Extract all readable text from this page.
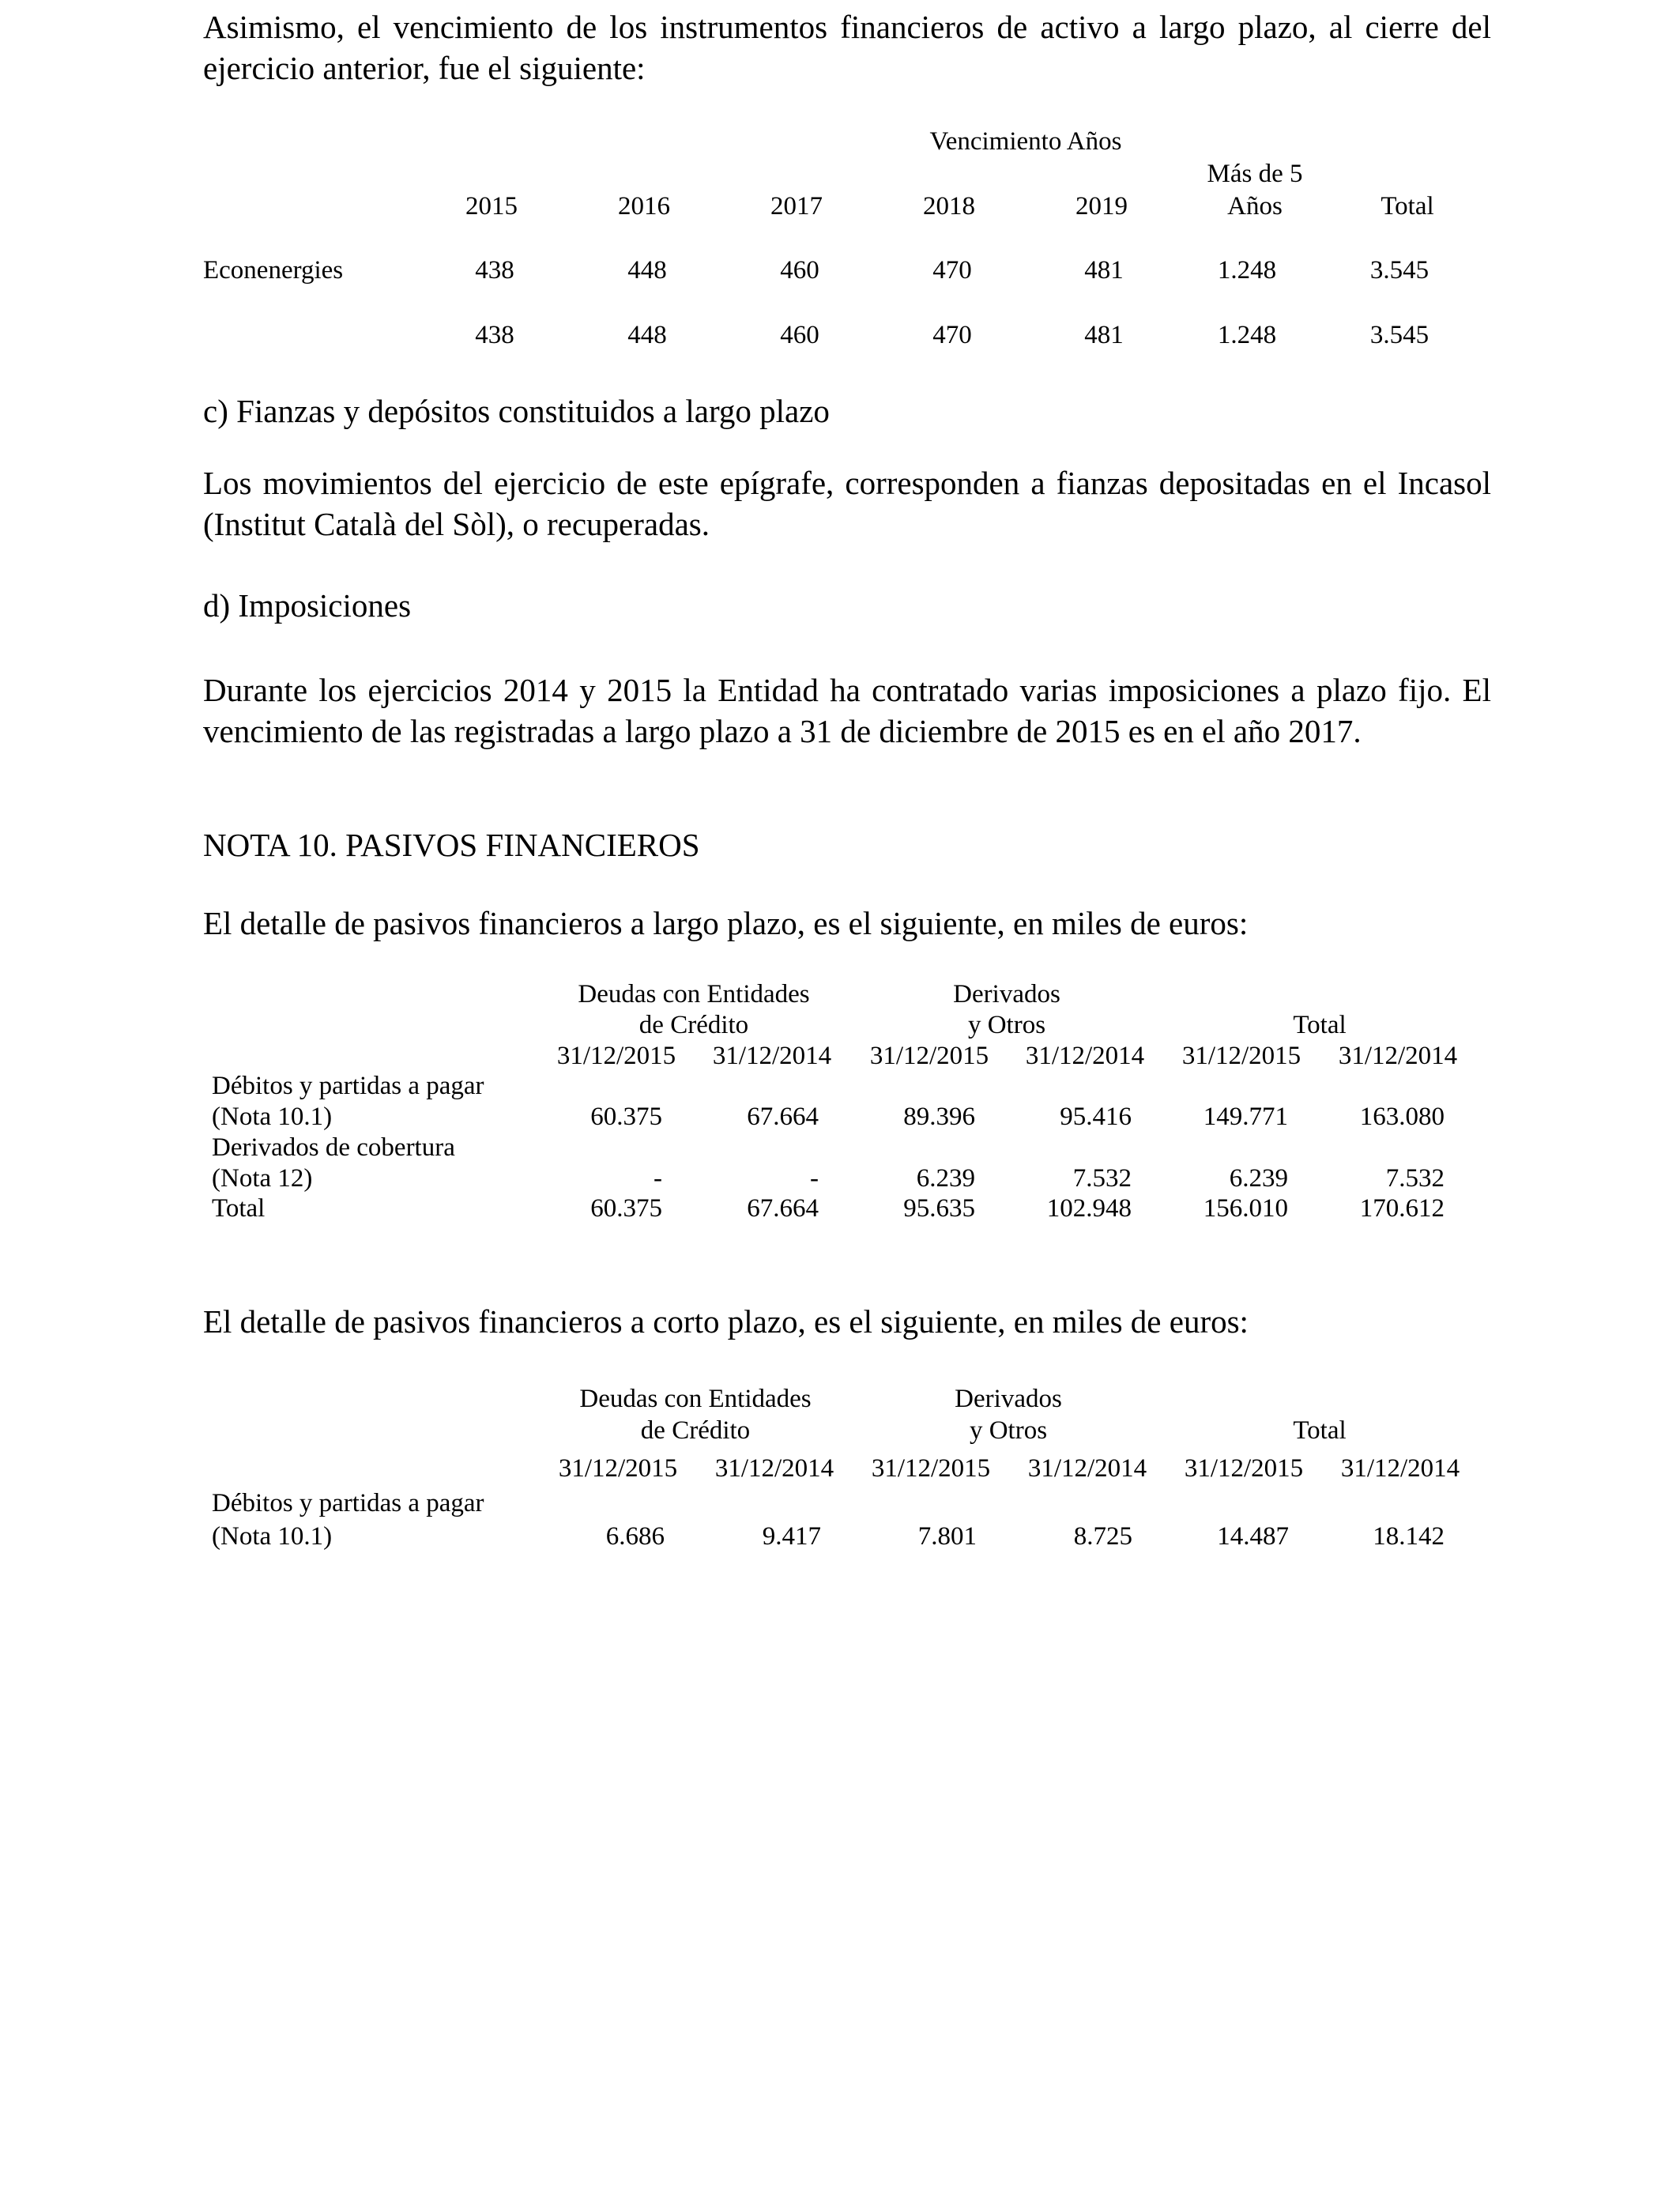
Asimismo, el vencimiento de los instrumentos financieros de activo a largo plazo, al cierre del ejercicio anterior, fue el siguiente:

Vencimiento Años
2015	2016	2017	2018	2019
Más de 5
Años	Total
Econenergies	438	448	460	470	481	1.248	3.545
438	448	460	470	481	1.248	3.545

c) Fianzas y depósitos constituidos a largo plazo

Los movimientos del ejercicio de este epígrafe, corresponden a fianzas depositadas en el Incasol (Institut Català del Sòl), o recuperadas.

d) Imposiciones

Durante los ejercicios 2014 y 2015 la Entidad ha contratado varias imposiciones a plazo fijo. El vencimiento de las registradas a largo plazo a 31 de diciembre de 2015 es en el año 2017.

NOTA 10. PASIVOS FINANCIEROS

El detalle de pasivos financieros a largo plazo, es el siguiente, en miles de euros:

Deudas con Entidades
de Crédito
Derivados
y Otros	Total
31/12/2015 31/12/2014 31/12/2015 31/12/2014 31/12/2015 31/12/2014
Débitos y partidas a pagar
(Nota 10.1)	60.375	67.664	89.396	95.416	149.771	163.080
Derivados de cobertura
(Nota 12)	-	-	6.239	7.532	6.239	7.532
Total	60.375	67.664	95.635	102.948	156.010	170.612

El detalle de pasivos financieros a corto plazo, es el siguiente, en miles de euros:

Deudas con Entidades
de Crédito
Derivados
y Otros	Total
31/12/2015 31/12/2014 31/12/2015 31/12/2014 31/12/2015 31/12/2014
Débitos y partidas a pagar
(Nota 10.1)	6.686	9.417	7.801	8.725	14.487	18.142
